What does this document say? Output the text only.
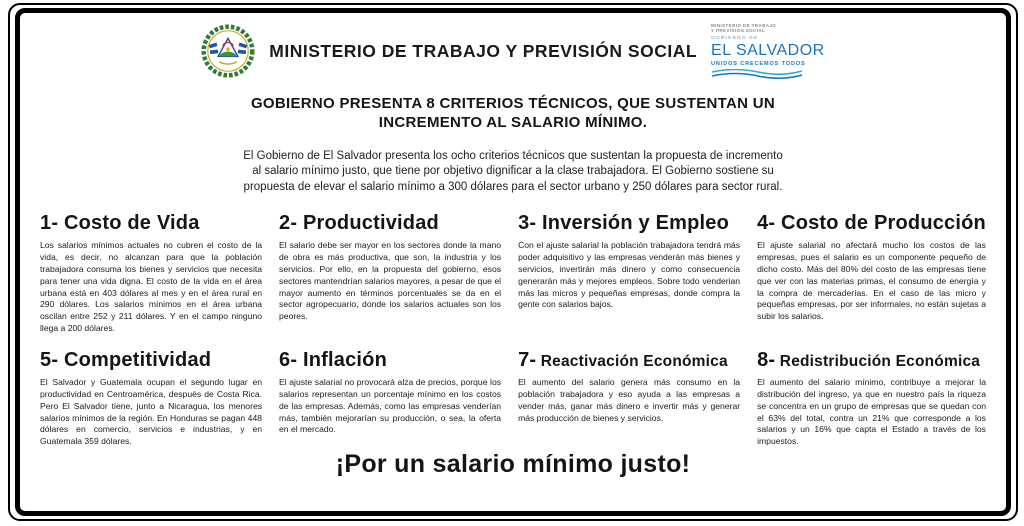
MINISTERIO DE TRABAJO Y PREVISIÓN SOCIAL
MINISTERIO DE TRABAJO
Y PREVISIÓN SOCIAL
GOBIERNO DE
EL SALVADOR
UNIDOS CRECEMOS TODOS
GOBIERNO PRESENTA 8 CRITERIOS TÉCNICOS, QUE SUSTENTAN UN
INCREMENTO AL SALARIO MÍNIMO.

El Gobierno de El Salvador presenta los ocho criterios técnicos que sustentan la propuesta de incremento al salario mínimo justo, que tiene por objetivo dignificar a la clase trabajadora. El Gobierno sostiene su propuesta de elevar el salario mínimo a 300 dólares para el sector urbano y 250 dólares para sector rural.

1- Costo de Vida

Los salarios mínimos actuales no cubren el costo de la vida, es decir, no alcanzan para que la población trabajadora consuma los bienes y servicios que necesita para tener una vida digna. El costo de la vida en el área urbana está en 403 dólares al mes y en el área rural en 290 dólares. Los salarios mínimos en el área urbana oscilan entre 252 y 211 dólares. Y en el campo ninguno llega a 200 dólares.

2- Productividad

El salario debe ser mayor en los sectores donde la mano de obra es más productiva, que son, la industria y los servicios. Por ello, en la propuesta del gobierno, esos sectores mantendrían salarios mayores, a pesar de que el mayor aumento en términos porcentuales se da en el sector agropecuario, donde los salarios actuales son los peores.

3- Inversión y Empleo

Con el ajuste salarial la población trabajadora tendrá más poder adquisitivo y las empresas venderán más bienes y servicios, invertirán más dinero y como consecuencia generarán más y mejores empleos. Sobre todo venderian más las micros y pequeñas empresas, donde compra la gente con salarios bajos.

4- Costo de Producción

El ajuste salarial no afectará mucho los costos de las empresas, pues el salario es un componente pequeño de dicho costo. Más del 80% del costo de las empresas tiene que ver con las materias primas, el consumo de energía y la compra de mercaderías. En el caso de las micro y pequeñas empresas, por ser informales, no están sujetas a subir los salarios.

5- Competitividad

El Salvador y Guatemala ocupan el segundo lugar en productividad en Centroamérica, después de Costa Rica. Pero El Salvador tiene, junto a Nicaragua, los menores salarios mínimos de la región. En Honduras se pagan 448 dólares en comercio, servicios e industrias, y en Guatemala 359 dólares.

6- Inflación

El ajuste salarial no provocará alza de precios, porque los salarios representan un porcentaje mínimo en los costos de las empresas. Además, como las empresas venderían más, también mejorarían su producción, o sea, la oferta en el mercado.

7- Reactivación Económica

El aumento del salario genera más consumo en la población trabajadora y eso ayuda a las empresas a vender más, ganar más dinero e invertir más y generar más producción de bienes y servicios.

8- Redistribución Económica

El aumento del salario mínimo, contribuye a mejorar la distribución del ingreso, ya que en nuestro país la riqueza se concentra en un grupo de empresas que se quedan con el 63% del total, contra un 21% que corresponde a los salarios y un 16% que capta el Estado a través de los impuestos.

¡Por un salario mínimo justo!
